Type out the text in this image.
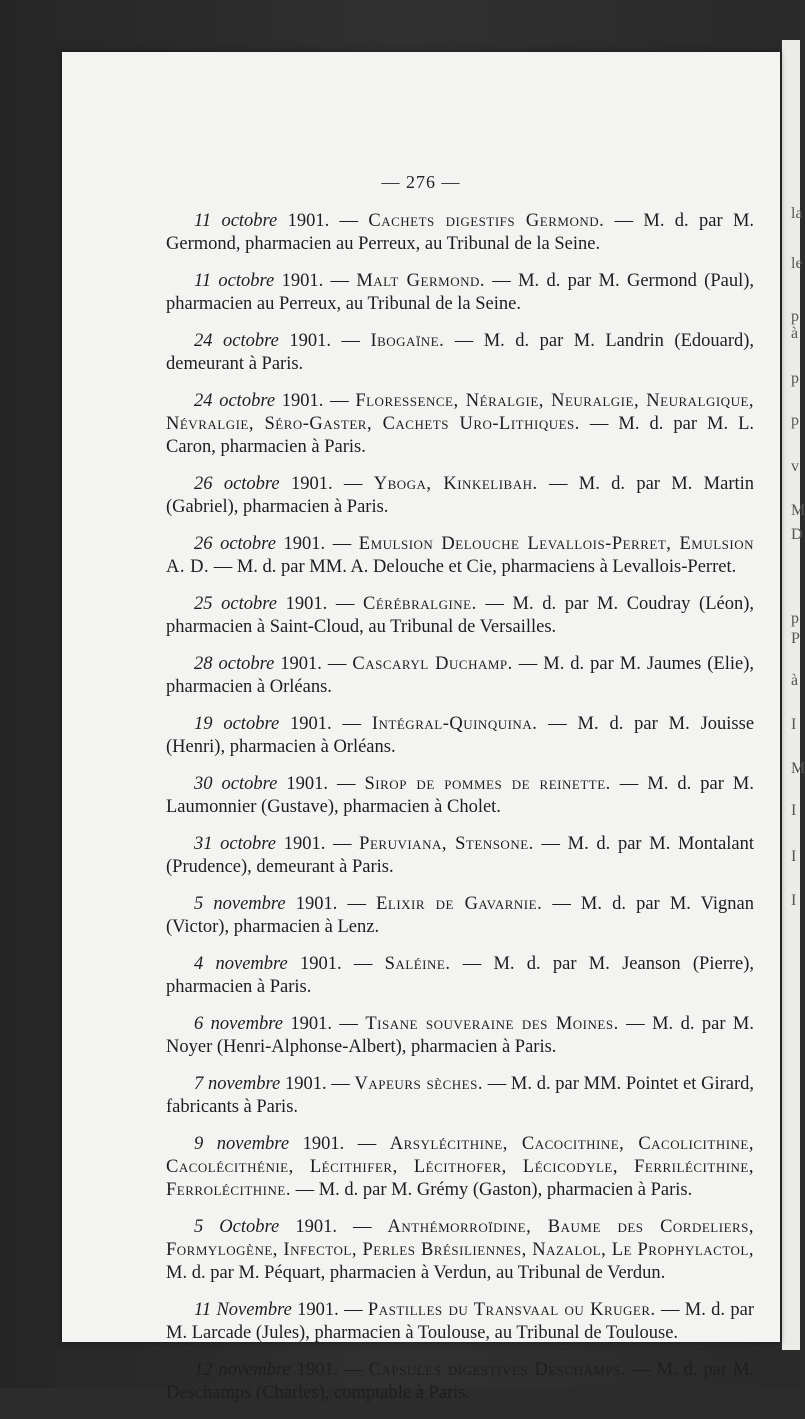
la
le
p
à
p
p
v
M
D
p
P
à
I
M
I
I
I
— 276 —

11 octobre 1901. — Cachets digestifs Germond. — M. d. par M. Germond, pharmacien au Perreux, au Tribunal de la Seine.

11 octobre 1901. — Malt Germond. — M. d. par M. Germond (Paul), pharmacien au Perreux, au Tribunal de la Seine.

24 octobre 1901. — Ibogaïne. — M. d. par M. Landrin (Edouard), demeurant à Paris.

24 octobre 1901. — Floressence, Néralgie, Neuralgie, Neuralgique, Névralgie, Séro-Gaster, Cachets Uro-Lithiques. — M. d. par M. L. Caron, pharmacien à Paris.

26 octobre 1901. — Yboga, Kinkelibah. — M. d. par M. Martin (Gabriel), pharmacien à Paris.

26 octobre 1901. — Emulsion Delouche Levallois-Perret, Emulsion A. D. — M. d. par MM. A. Delouche et Cie, pharmaciens à Levallois-Perret.

25 octobre 1901. — Cérébralgine. — M. d. par M. Coudray (Léon), pharmacien à Saint-Cloud, au Tribunal de Versailles.

28 octobre 1901. — Cascaryl Duchamp. — M. d. par M. Jaumes (Elie), pharmacien à Orléans.

19 octobre 1901. — Intégral-Quinquina. — M. d. par M. Jouisse (Henri), pharmacien à Orléans.

30 octobre 1901. — Sirop de pommes de reinette. — M. d. par M. Laumonnier (Gustave), pharmacien à Cholet.

31 octobre 1901. — Peruviana, Stensone. — M. d. par M. Montalant (Prudence), demeurant à Paris.

5 novembre 1901. — Elixir de Gavarnie. — M. d. par M. Vignan (Victor), pharmacien à Lenz.

4 novembre 1901. — Saléine. — M. d. par M. Jeanson (Pierre), pharmacien à Paris.

6 novembre 1901. — Tisane souveraine des Moines. — M. d. par M. Noyer (Henri-Alphonse-Albert), pharmacien à Paris.

7 novembre 1901. — Vapeurs sèches. — M. d. par MM. Pointet et Girard, fabricants à Paris.

9 novembre 1901. — Arsylécithine, Cacocithine, Cacolicithine, Cacolécithénie, Lécithifer, Lécithofer, Lécicodyle, Ferrilécithine, Ferrolécithine. — M. d. par M. Grémy (Gaston), pharmacien à Paris.

5 Octobre 1901. — Anthémorroïdine, Baume des Cordeliers, Formylogène, Infectol, Perles Brésiliennes, Nazalol, Le Prophylactol, M. d. par M. Péquart, pharmacien à Verdun, au Tribunal de Verdun.

11 Novembre 1901. — Pastilles du Transvaal ou Kruger. — M. d. par M. Larcade (Jules), pharmacien à Toulouse, au Tribunal de Toulouse.

12 novembre 1901. — Capsules digestives Deschamps. — M. d. par M. Deschamps (Charles), comptable à Paris.
